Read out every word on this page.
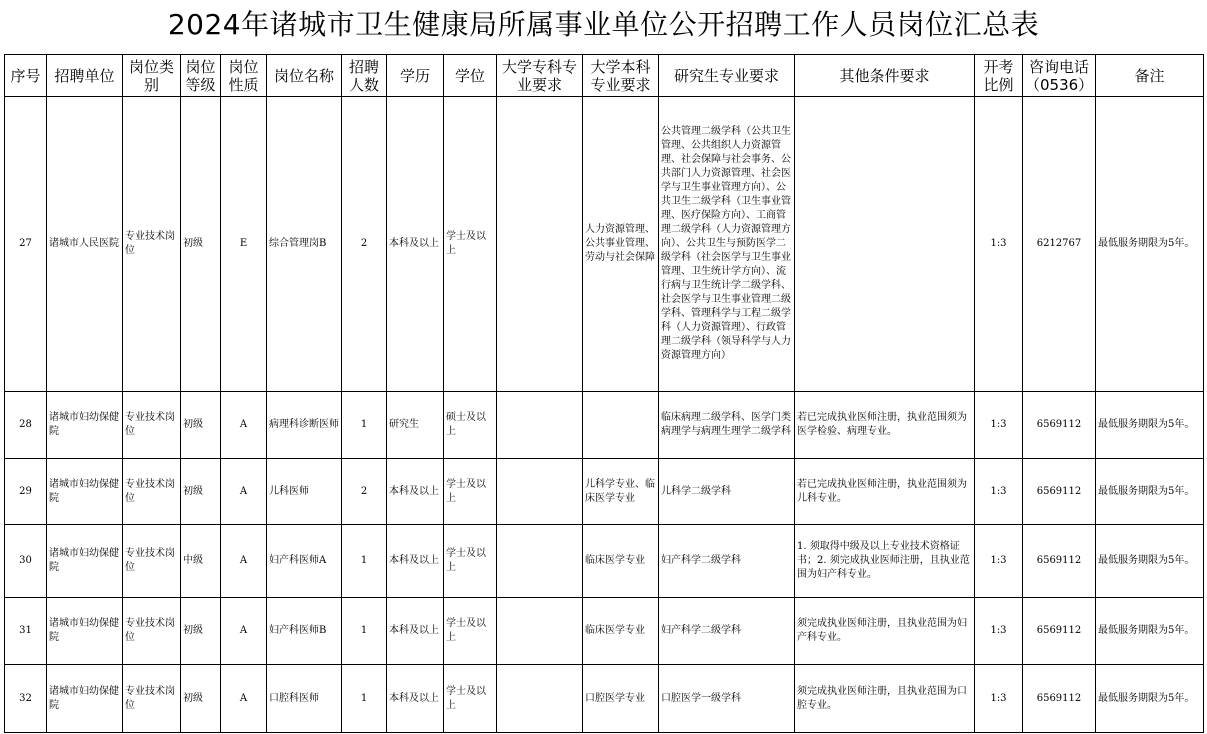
2024年诸城市卫生健康局所属事业单位公开招聘工作人员岗位汇总表
序号	招聘单位	岗位类别	岗位等级	岗位性质	岗位名称	招聘人数	学历	学位	大学专科专业要求	大学本科专业要求	研究生专业要求	其他条件要求	开考比例	咨询电话（0536）	备注
27	诸城市人民医院	专业技术岗位	初级	E	综合管理岗B	2	本科及以上	学士及以上		人力资源管理、公共事业管理、劳动与社会保障	公共管理二级学科（公共卫生管理、公共组织人力资源管理、社会保障与社会事务、公共部门人力资源管理、社会医学与卫生事业管理方向）、公共卫生二级学科（卫生事业管理、医疗保险方向）、工商管理二级学科（人力资源管理方向）、公共卫生与预防医学二级学科（社会医学与卫生事业管理、卫生统计学方向）、流行病与卫生统计学二级学科、社会医学与卫生事业管理二级学科、管理科学与工程二级学科（人力资源管理）、行政管理二级学科（领导科学与人力资源管理方向）		1:3	6212767	最低服务期限为5年。
28	诸城市妇幼保健院	专业技术岗位	初级	A	病理科诊断医师	1	研究生	硕士及以上			临床病理二级学科、医学门类病理学与病理生理学二级学科	若已完成执业医师注册，执业范围须为医学检验、病理专业。	1:3	6569112	最低服务期限为5年。
29	诸城市妇幼保健院	专业技术岗位	初级	A	儿科医师	2	本科及以上	学士及以上		儿科学专业、临床医学专业	儿科学二级学科	若已完成执业医师注册，执业范围须为儿科专业。	1:3	6569112	最低服务期限为5年。
30	诸城市妇幼保健院	专业技术岗位	中级	A	妇产科医师A	1	本科及以上	学士及以上		临床医学专业	妇产科学二级学科	1. 须取得中级及以上专业技术资格证书；2. 须完成执业医师注册，且执业范围为妇产科专业。	1:3	6569112	最低服务期限为5年。
31	诸城市妇幼保健院	专业技术岗位	初级	A	妇产科医师B	1	本科及以上	学士及以上		临床医学专业	妇产科学二级学科	须完成执业医师注册，且执业范围为妇产科专业。	1:3	6569112	最低服务期限为5年。
32	诸城市妇幼保健院	专业技术岗位	初级	A	口腔科医师	1	本科及以上	学士及以上		口腔医学专业	口腔医学一级学科	须完成执业医师注册，且执业范围为口腔专业。	1:3	6569112	最低服务期限为5年。
